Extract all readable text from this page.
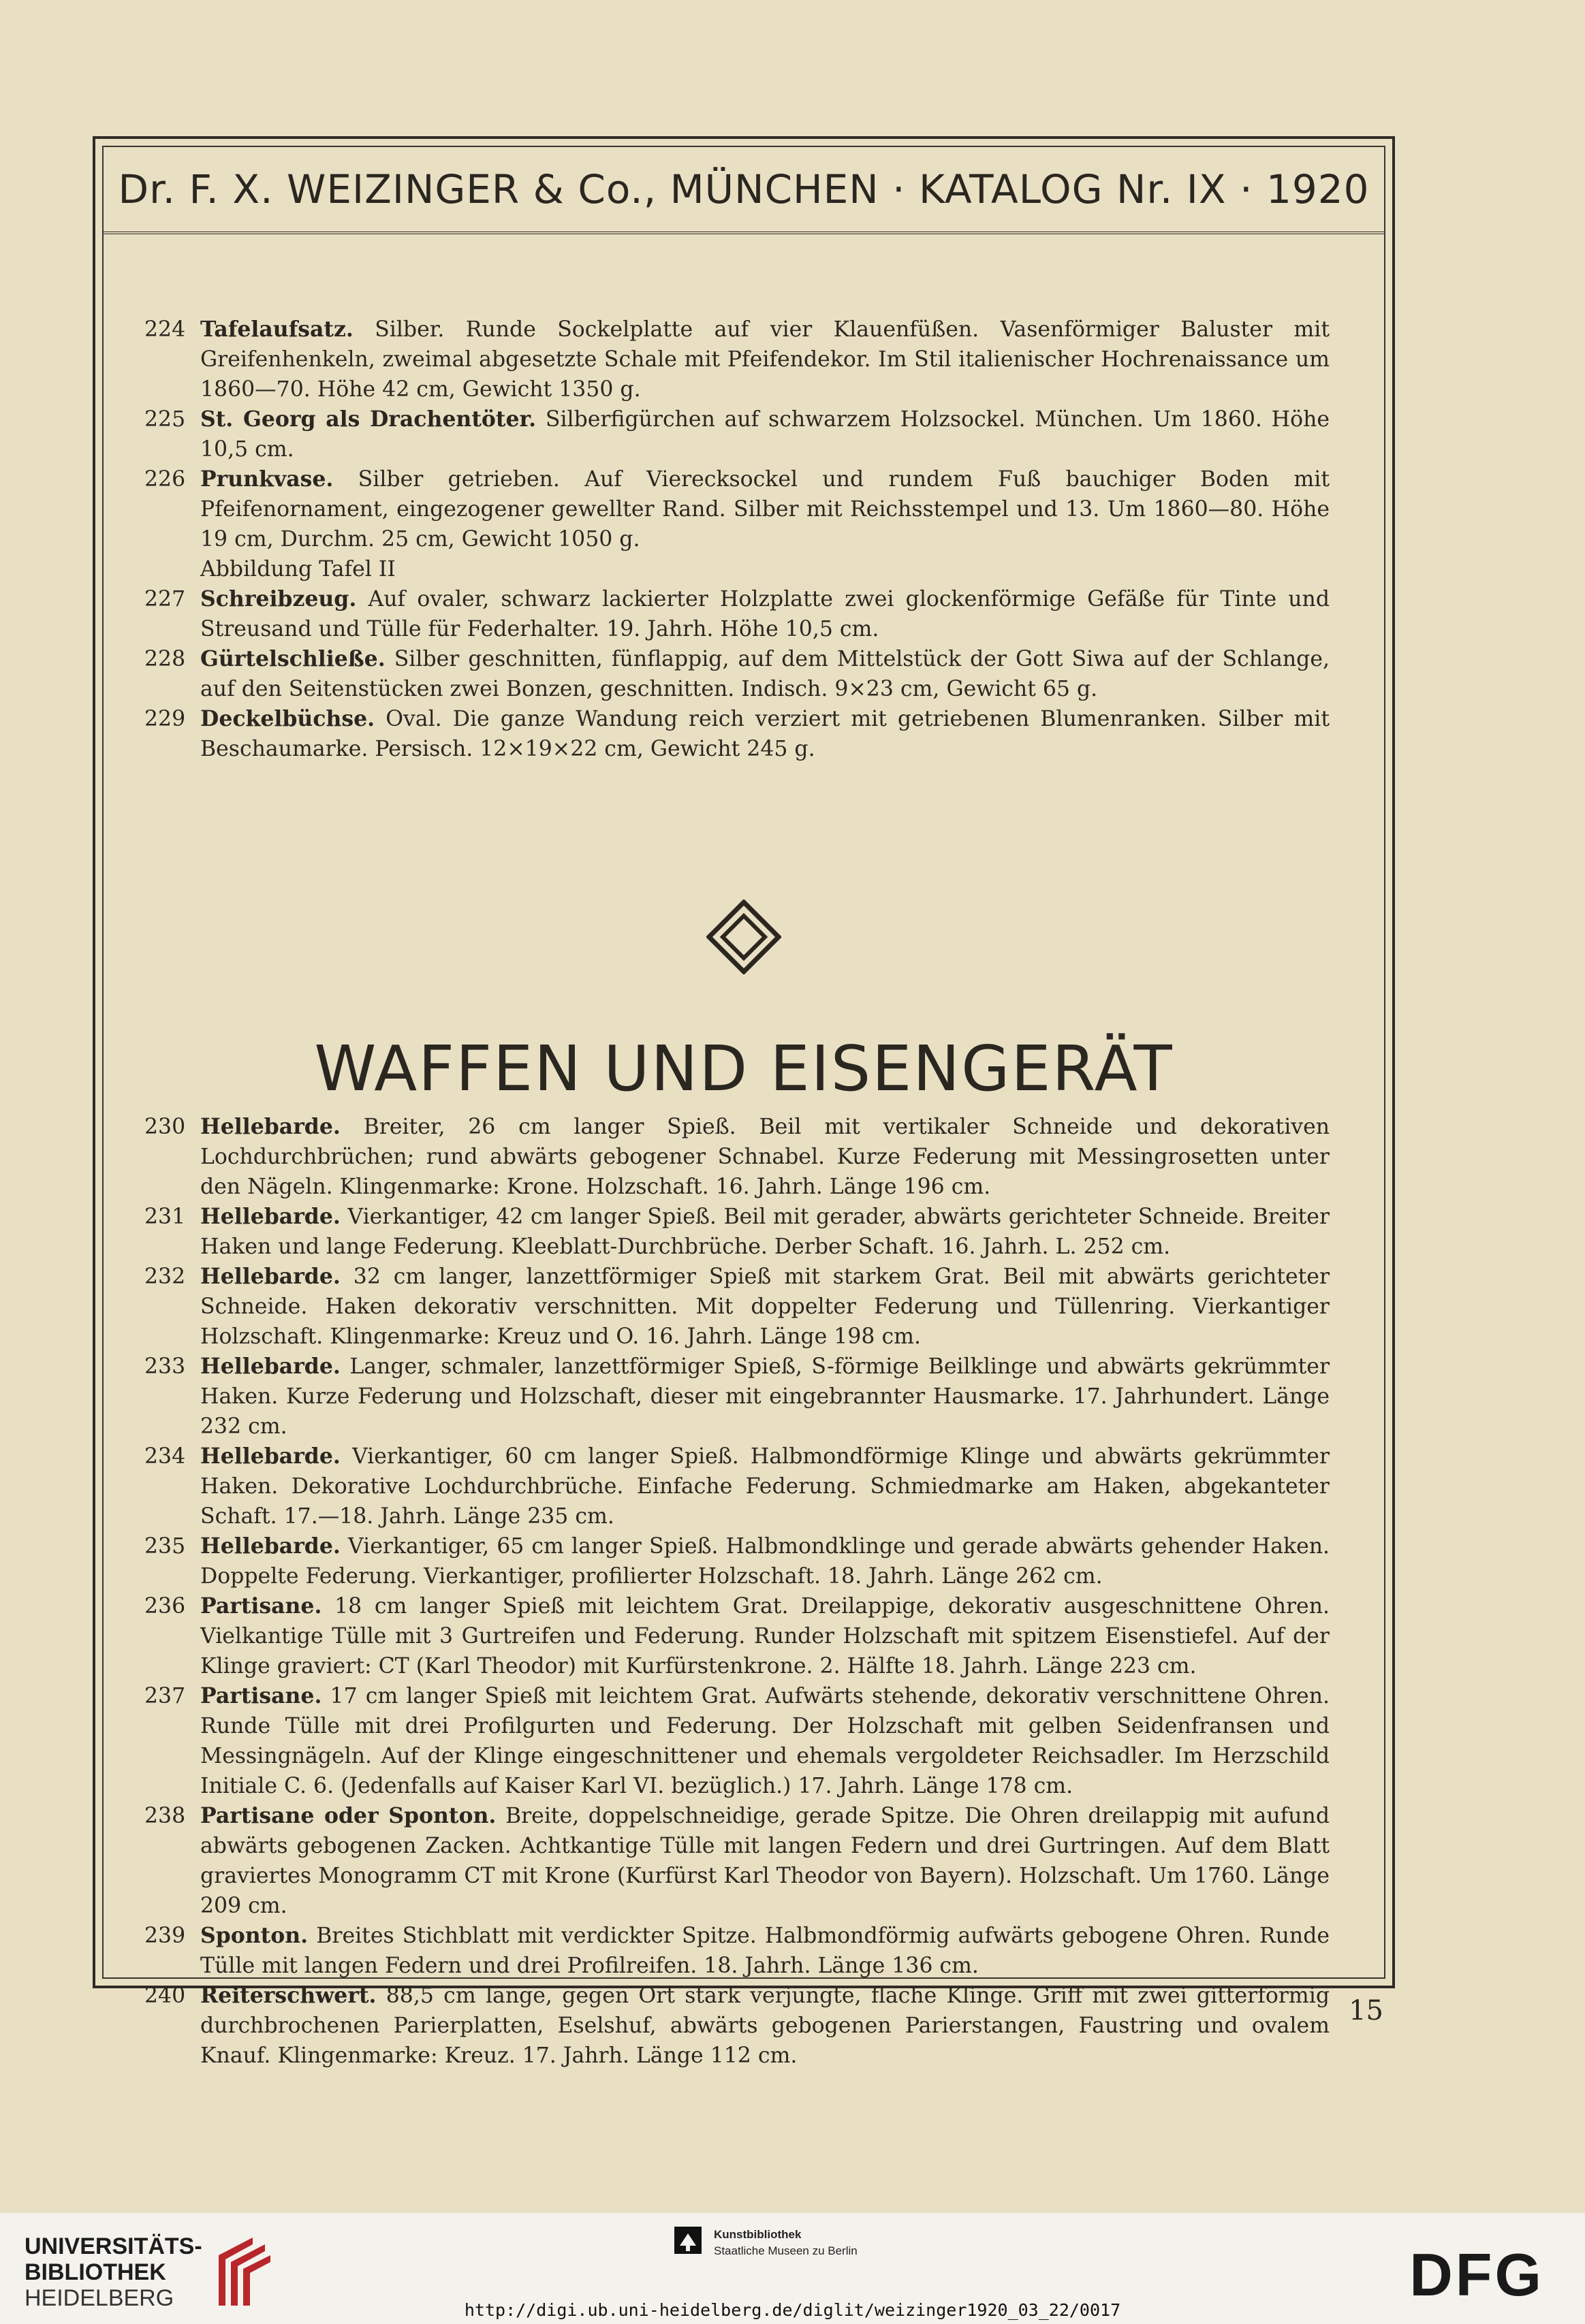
Dr. F. X. WEIZINGER & Co., MÜNCHEN · KATALOG Nr. IX · 1920

224 Tafelaufsatz. Silber. Runde Sockelplatte auf vier Klauenfüßen. Vasenförmiger Baluster mit Greifenhenkeln, zweimal abgesetzte Schale mit Pfeifendekor. Im Stil italienischer Hochrenaissance um 1860—70. Höhe 42 cm, Gewicht 1350 g.

225 St. Georg als Drachentöter. Silberfigürchen auf schwarzem Holzsockel. München. Um 1860. Höhe 10,5 cm.

226 Prunkvase. Silber getrieben. Auf Vierecksockel und rundem Fuß bauchiger Boden mit Pfeifenornament, eingezogener gewellter Rand. Silber mit Reichsstempel und 13. Um 1860—80. Höhe 19 cm, Durchm. 25 cm, Gewicht 1050 g.

Abbildung Tafel II

227 Schreibzeug. Auf ovaler, schwarz lackierter Holzplatte zwei glockenförmige Gefäße für Tinte und Streusand und Tülle für Federhalter. 19. Jahrh. Höhe 10,5 cm.

228 Gürtelschließe. Silber geschnitten, fünflappig, auf dem Mittelstück der Gott Siwa auf der Schlange, auf den Seitenstücken zwei Bonzen, geschnitten. Indisch. 9×23 cm, Gewicht 65 g.

229 Deckelbüchse. Oval. Die ganze Wandung reich verziert mit getriebenen Blumenranken. Silber mit Beschaumarke. Persisch. 12×19×22 cm, Gewicht 245 g.

WAFFEN UND EISENGERÄT

230 Hellebarde. Breiter, 26 cm langer Spieß. Beil mit vertikaler Schneide und dekorativen Lochdurchbrüchen; rund abwärts gebogener Schnabel. Kurze Federung mit Messingrosetten unter den Nägeln. Klingenmarke: Krone. Holzschaft. 16. Jahrh. Länge 196 cm.

231 Hellebarde. Vierkantiger, 42 cm langer Spieß. Beil mit gerader, abwärts gerichteter Schneide. Breiter Haken und lange Federung. Kleeblatt-Durchbrüche. Derber Schaft. 16. Jahrh. L. 252 cm.

232 Hellebarde. 32 cm langer, lanzettförmiger Spieß mit starkem Grat. Beil mit abwärts gerichteter Schneide. Haken dekorativ verschnitten. Mit doppelter Federung und Tüllenring. Vierkantiger Holzschaft. Klingenmarke: Kreuz und O. 16. Jahrh. Länge 198 cm.

233 Hellebarde. Langer, schmaler, lanzettförmiger Spieß, S-förmige Beilklinge und abwärts gekrümmter Haken. Kurze Federung und Holzschaft, dieser mit eingebrannter Hausmarke. 17. Jahrhundert. Länge 232 cm.

234 Hellebarde. Vierkantiger, 60 cm langer Spieß. Halbmondförmige Klinge und abwärts gekrümmter Haken. Dekorative Lochdurchbrüche. Einfache Federung. Schmiedmarke am Haken, abgekanteter Schaft. 17.—18. Jahrh. Länge 235 cm.

235 Hellebarde. Vierkantiger, 65 cm langer Spieß. Halbmondklinge und gerade abwärts gehender Haken. Doppelte Federung. Vierkantiger, profilierter Holzschaft. 18. Jahrh. Länge 262 cm.

236 Partisane. 18 cm langer Spieß mit leichtem Grat. Dreilappige, dekorativ ausgeschnittene Ohren. Vielkantige Tülle mit 3 Gurtreifen und Federung. Runder Holzschaft mit spitzem Eisenstiefel. Auf der Klinge graviert: CT (Karl Theodor) mit Kurfürstenkrone. 2. Hälfte 18. Jahrh. Länge 223 cm.

237 Partisane. 17 cm langer Spieß mit leichtem Grat. Aufwärts stehende, dekorativ verschnittene Ohren. Runde Tülle mit drei Profilgurten und Federung. Der Holzschaft mit gelben Seidenfransen und Messingnägeln. Auf der Klinge eingeschnittener und ehemals vergoldeter Reichsadler. Im Herzschild Initiale C. 6. (Jedenfalls auf Kaiser Karl VI. bezüglich.) 17. Jahrh. Länge 178 cm.

238 Partisane oder Sponton. Breite, doppelschneidige, gerade Spitze. Die Ohren dreilappig mit aufund abwärts gebogenen Zacken. Achtkantige Tülle mit langen Federn und drei Gurtringen. Auf dem Blatt graviertes Monogramm CT mit Krone (Kurfürst Karl Theodor von Bayern). Holzschaft. Um 1760. Länge 209 cm.

239 Sponton. Breites Stichblatt mit verdickter Spitze. Halbmondförmig aufwärts gebogene Ohren. Runde Tülle mit langen Federn und drei Profilreifen. 18. Jahrh. Länge 136 cm.

240 Reiterschwert. 88,5 cm lange, gegen Ort stark verjüngte, flache Klinge. Griff mit zwei gitterförmig durchbrochenen Parierplatten, Eselshuf, abwärts gebogenen Parierstangen, Faustring und ovalem Knauf. Klingenmarke: Kreuz. 17. Jahrh. Länge 112 cm.

15
UNIVERSITÄTS-
BIBLIOTHEK
HEIDELBERG
Kunstbibliothek
Staatliche Museen zu Berlin	DFG
http://digi.ub.uni-heidelberg.de/diglit/weizinger1920_03_22/0017
